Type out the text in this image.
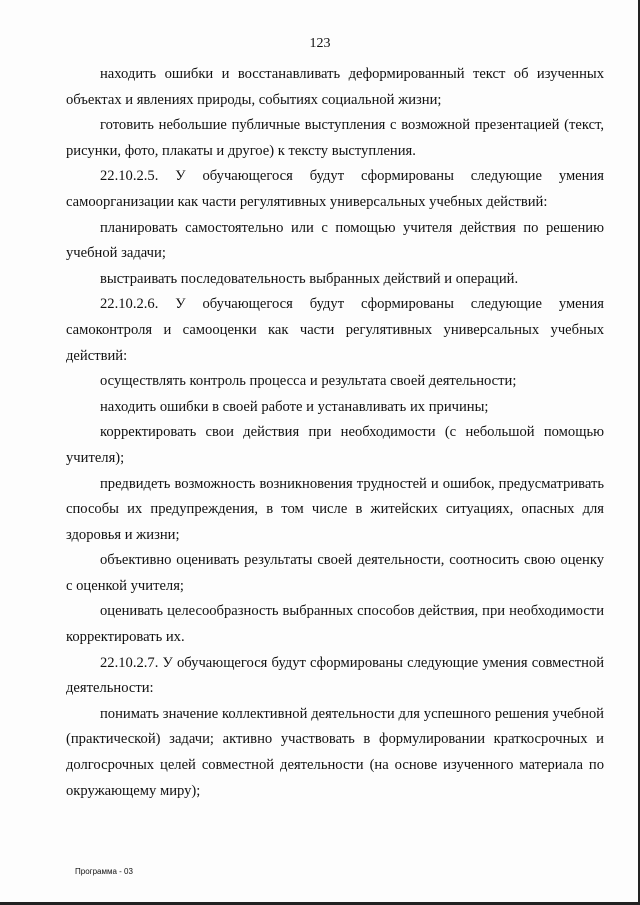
123

находить ошибки и восстанавливать деформированный текст об изученных объектах и явлениях природы, событиях социальной жизни;

готовить небольшие публичные выступления с возможной презентацией (текст, рисунки, фото, плакаты и другое) к тексту выступления.

22.10.2.5. У обучающегося будут сформированы следующие умения самоорганизации как части регулятивных универсальных учебных действий:

планировать самостоятельно или с помощью учителя действия по решению учебной задачи;

выстраивать последовательность выбранных действий и операций.

22.10.2.6. У обучающегося будут сформированы следующие умения самоконтроля и самооценки как части регулятивных универсальных учебных действий:

осуществлять контроль процесса и результата своей деятельности;

находить ошибки в своей работе и устанавливать их причины;

корректировать свои действия при необходимости (с небольшой помощью учителя);

предвидеть возможность возникновения трудностей и ошибок, предусматривать способы их предупреждения, в том числе в житейских ситуациях, опасных для здоровья и жизни;

объективно оценивать результаты своей деятельности, соотносить свою оценку с оценкой учителя;

оценивать целесообразность выбранных способов действия, при необходимости корректировать их.

22.10.2.7. У обучающегося будут сформированы следующие умения совместной деятельности:

понимать значение коллективной деятельности для успешного решения учебной (практической) задачи; активно участвовать в формулировании краткосрочных и долгосрочных целей совместной деятельности (на основе изученного материала по окружающему миру);

Программа - 03
